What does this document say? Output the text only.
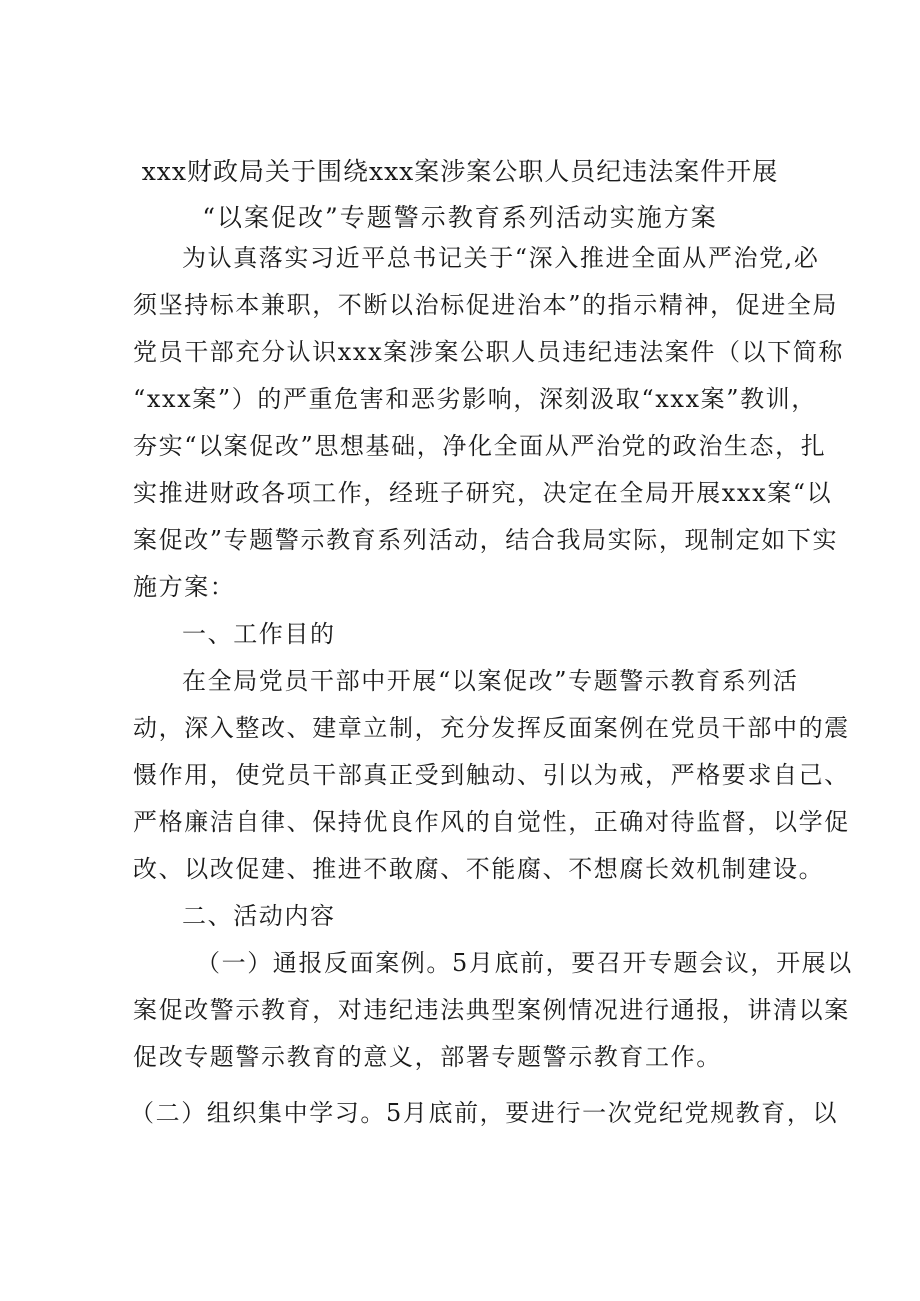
xxx财政局关于围绕xxx案涉案公职人员纪违法案件开展
“以案促改”专题警示教育系列活动实施方案
为认真落实习近平总书记关于“深入推进全面从严治党,必
须坚持标本兼职，不断以治标促进治本”的指示精神，促进全局
党员干部充分认识xxx案涉案公职人员违纪违法案件（以下简称
“xxx案”）的严重危害和恶劣影响，深刻汲取“xxx案”教训，
夯实“以案促改”思想基础，净化全面从严治党的政治生态，扎
实推进财政各项工作，经班子研究，决定在全局开展xxx案“以
案促改”专题警示教育系列活动，结合我局实际，现制定如下实
施方案：
一、工作目的
在全局党员干部中开展“以案促改”专题警示教育系列活
动，深入整改、建章立制，充分发挥反面案例在党员干部中的震
慑作用，使党员干部真正受到触动、引以为戒，严格要求自己、
严格廉洁自律、保持优良作风的自觉性，正确对待监督，以学促
改、以改促建、推进不敢腐、不能腐、不想腐长效机制建设。
二、活动内容
（一）通报反面案例。5月底前，要召开专题会议，开展以
案促改警示教育，对违纪违法典型案例情况进行通报，讲清以案
促改专题警示教育的意义，部署专题警示教育工作。
（二）组织集中学习。5月底前，要进行一次党纪党规教育，以
